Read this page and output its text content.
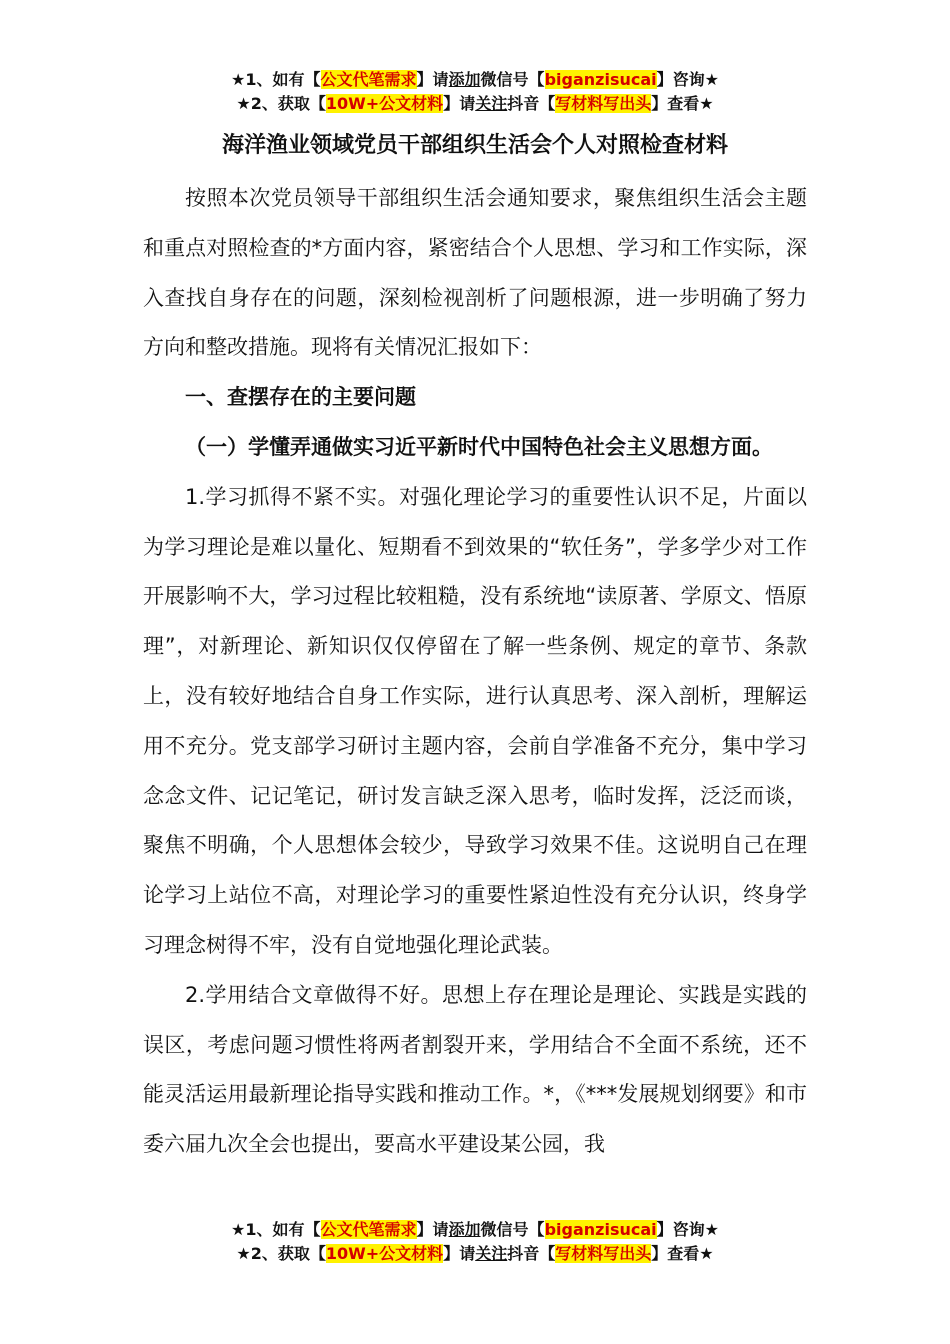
★1、如有【公文代笔需求】请添加微信号【biganzisucai】咨询★
★2、获取【10W+公文材料】请关注抖音【写材料写出头】查看★
海洋渔业领域党员干部组织生活会个人对照检查材料

按照本次党员领导干部组织生活会通知要求，聚焦组织生活会主题和重点对照检查的*方面内容，紧密结合个人思想、学习和工作实际，深入查找自身存在的问题，深刻检视剖析了问题根源，进一步明确了努力方向和整改措施。现将有关情况汇报如下：

一、查摆存在的主要问题

（一）学懂弄通做实习近平新时代中国特色社会主义思想方面。

1.学习抓得不紧不实。对强化理论学习的重要性认识不足，片面以为学习理论是难以量化、短期看不到效果的“软任务”，学多学少对工作开展影响不大，学习过程比较粗糙，没有系统地“读原著、学原文、悟原理”，对新理论、新知识仅仅停留在了解一些条例、规定的章节、条款上，没有较好地结合自身工作实际，进行认真思考、深入剖析，理解运用不充分。党支部学习研讨主题内容，会前自学准备不充分，集中学习念念文件、记记笔记，研讨发言缺乏深入思考，临时发挥，泛泛而谈，聚焦不明确，个人思想体会较少，导致学习效果不佳。这说明自己在理论学习上站位不高，对理论学习的重要性紧迫性没有充分认识，终身学习理念树得不牢，没有自觉地强化理论武装。

2.学用结合文章做得不好。思想上存在理论是理论、实践是实践的误区，考虑问题习惯性将两者割裂开来，学用结合不全面不系统，还不能灵活运用最新理论指导实践和推动工作。*，《***发展规划纲要》和市委六届九次全会也提出，要高水平建设某公园，我

★1、如有【公文代笔需求】请添加微信号【biganzisucai】咨询★
★2、获取【10W+公文材料】请关注抖音【写材料写出头】查看★
